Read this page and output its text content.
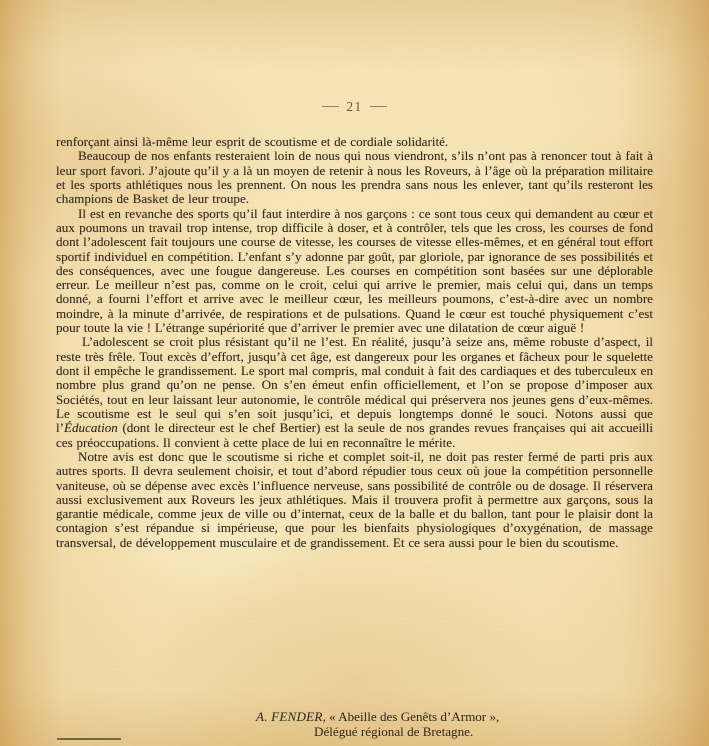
21

renforçant ainsi là-même leur esprit de scoutisme et de cordiale solidarité.

Beaucoup de nos enfants resteraient loin de nous qui nous viendront, s’ils n’ont pas à renoncer tout à fait à leur sport favori. J’ajoute qu’il y a là un moyen de retenir à nous les Roveurs, à l’âge où la préparation militaire et les sports athlétiques nous les prennent. On nous les prendra sans nous les enlever, tant qu’ils resteront les champions de Basket de leur troupe.

Il est en revanche des sports qu’il faut interdire à nos garçons : ce sont tous ceux qui demandent au cœur et aux poumons un travail trop intense, trop difficile à doser, et à contrôler, tels que les cross, les courses de fond dont l’adolescent fait toujours une course de vitesse, les courses de vitesse elles-mêmes, et en général tout effort sportif individuel en compétition. L’enfant s’y adonne par goût, par gloriole, par ignorance de ses possibilités et des conséquences, avec une fougue dangereuse. Les courses en compétition sont basées sur une déplorable erreur. Le meilleur n’est pas, comme on le croit, celui qui arrive le premier, mais celui qui, dans un temps donné, a fourni l’effort et arrive avec le meilleur cœur, les meilleurs poumons, c’est-à-dire avec un nombre moindre, à la minute d’arrivée, de respirations et de pulsations. Quand le cœur est touché physiquement c’est pour toute la vie ! L’étrange supériorité que d’arriver le premier avec une dilatation de cœur aiguë !

· L’adolescent se croit plus résistant qu’il ne l’est. En réalité, jusqu’à seize ans, même robuste d’aspect, il reste très frêle. Tout excès d’effort, jusqu’à cet âge, est dangereux pour les organes et fâcheux pour le squelette dont il empêche le grandissement. Le sport mal compris, mal conduit à fait des cardiaques et des tuberculeux en nombre plus grand qu’on ne pense. On s’en émeut enfin officiellement, et l’on se propose d’imposer aux Sociétés, tout en leur laissant leur autonomie, le contrôle médical qui préservera nos jeunes gens d’eux-mêmes. Le scoutisme est le seul qui s’en soit jusqu’ici, et depuis longtemps donné le souci. Notons aussi que l’Éducation (dont le directeur est le chef Bertier) est la seule de nos grandes revues françaises qui ait accueilli ces préoccupations. Il convient à cette place de lui en reconnaître le mérite.

Notre avis est donc que le scoutisme si riche et complet soit-il, ne doit pas rester fermé de parti pris aux autres sports. Il devra seulement choisir, et tout d’abord répudier tous ceux où joue la compétition personnelle vaniteuse, où se dépense avec excès l’influence nerveuse, sans possibilité de contrôle ou de dosage. Il réservera aussi exclusivement aux Roveurs les jeux athlétiques. Mais il trouvera profit à permettre aux garçons, sous la garantie médicale, comme jeux de ville ou d’internat, ceux de la balle et du ballon, tant pour le plaisir dont la contagion s’est répandue si impérieuse, que pour les bienfaits physiologiques d’oxygénation, de massage transversal, de développement musculaire et de grandissement. Et ce sera aussi pour le bien du scoutisme.

A. FENDER, « Abeille des Genêts d’Armor »,
Délégué régional de Bretagne.
